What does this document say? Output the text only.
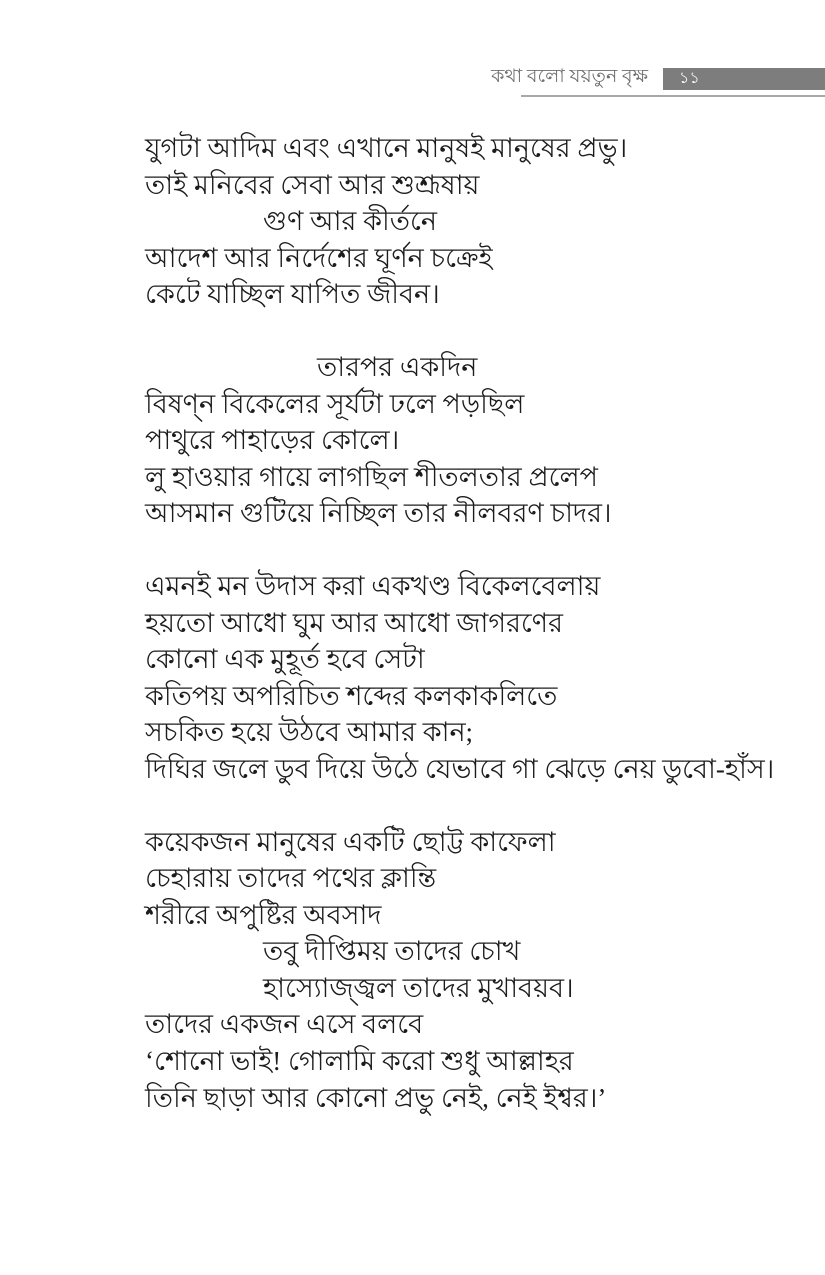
কথা বলো যয়তুন বৃক্ষ ১১
যুগটা আদিম এবং এখানে মানুষই মানুষের প্রভু।
তাই মনিবের সেবা আর শুশ্রূষায়
গুণ আর কীর্তনে
আদেশ আর নির্দেশের ঘূর্ণন চক্রেই
কেটে যাচ্ছিল যাপিত জীবন।
তারপর একদিন
বিষণ্ন বিকেলের সূর্যটা ঢলে পড়ছিল
পাথুরে পাহাড়ের কোলে।
লু হাওয়ার গায়ে লাগছিল শীতলতার প্রলেপ
আসমান গুটিয়ে নিচ্ছিল তার নীলবরণ চাদর।
এমনই মন উদাস করা একখণ্ড বিকেলবেলায়
হয়তো আধো ঘুম আর আধো জাগরণের
কোনো এক মুহূর্ত হবে সেটা
কতিপয় অপরিচিত শব্দের কলকাকলিতে
সচকিত হয়ে উঠবে আমার কান;
দিঘির জলে ডুব দিয়ে উঠে যেভাবে গা ঝেড়ে নেয় ডুবো-হাঁস।
কয়েকজন মানুষের একটি ছোট্ট কাফেলা
চেহারায় তাদের পথের ক্লান্তি
শরীরে অপুষ্টির অবসাদ
তবু দীপ্তিময় তাদের চোখ
হাস্যোজ্জ্বল তাদের মুখাবয়ব।
তাদের একজন এসে বলবে
‘শোনো ভাই! গোলামি করো শুধু আল্লাহর
তিনি ছাড়া আর কোনো প্রভু নেই, নেই ইশ্বর।’
